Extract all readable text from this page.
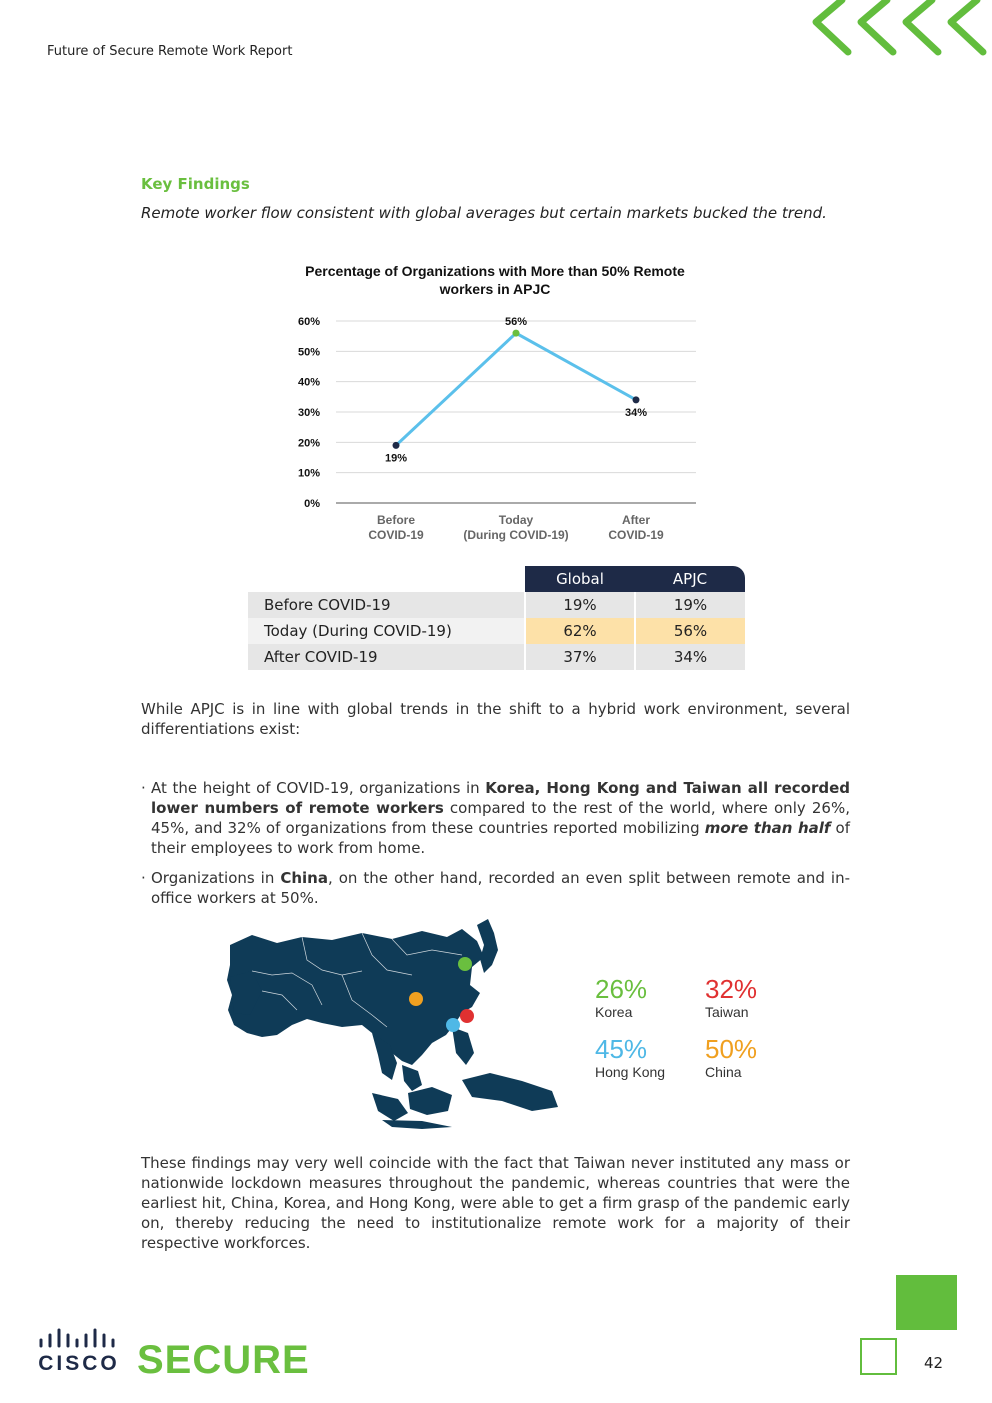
Future of Secure Remote Work Report
Key Findings
Remote worker flow consistent with global averages but certain markets bucked the trend.
Percentage of Organizations with More than 50% Remote workers in APJC
0%
10%
20%
30%
40%
50%
60%
Before
COVID-19
Today
(During COVID-19)
After
COVID-19
19%
56%
34%
	Global	APJC
Before COVID-19	19%	19%
Today (During COVID-19)	62%	56%
After COVID-19	37%	34%
While APJC is in line with global trends in the shift to a hybrid work environment, several differentiations exist:
· At the height of COVID-19, organizations in Korea, Hong Kong and Taiwan all recorded lower numbers of remote workers compared to the rest of the world, where only 26%, 45%, and 32% of organizations from these countries reported mobilizing more than half of their employees to work from home.
· Organizations in China, on the other hand, recorded an even split between remote and in-office workers at 50%.
26%
Korea
32%
Taiwan
45%
Hong Kong
50%
China
These findings may very well coincide with the fact that Taiwan never instituted any mass or nationwide lockdown measures throughout the pandemic, whereas countries that were the earliest hit, China, Korea, and Hong Kong, were able to get a firm grasp of the pandemic early on, thereby reducing the need to institutionalize remote work for a majority of their respective workforces.
CISCO SECURE	42
